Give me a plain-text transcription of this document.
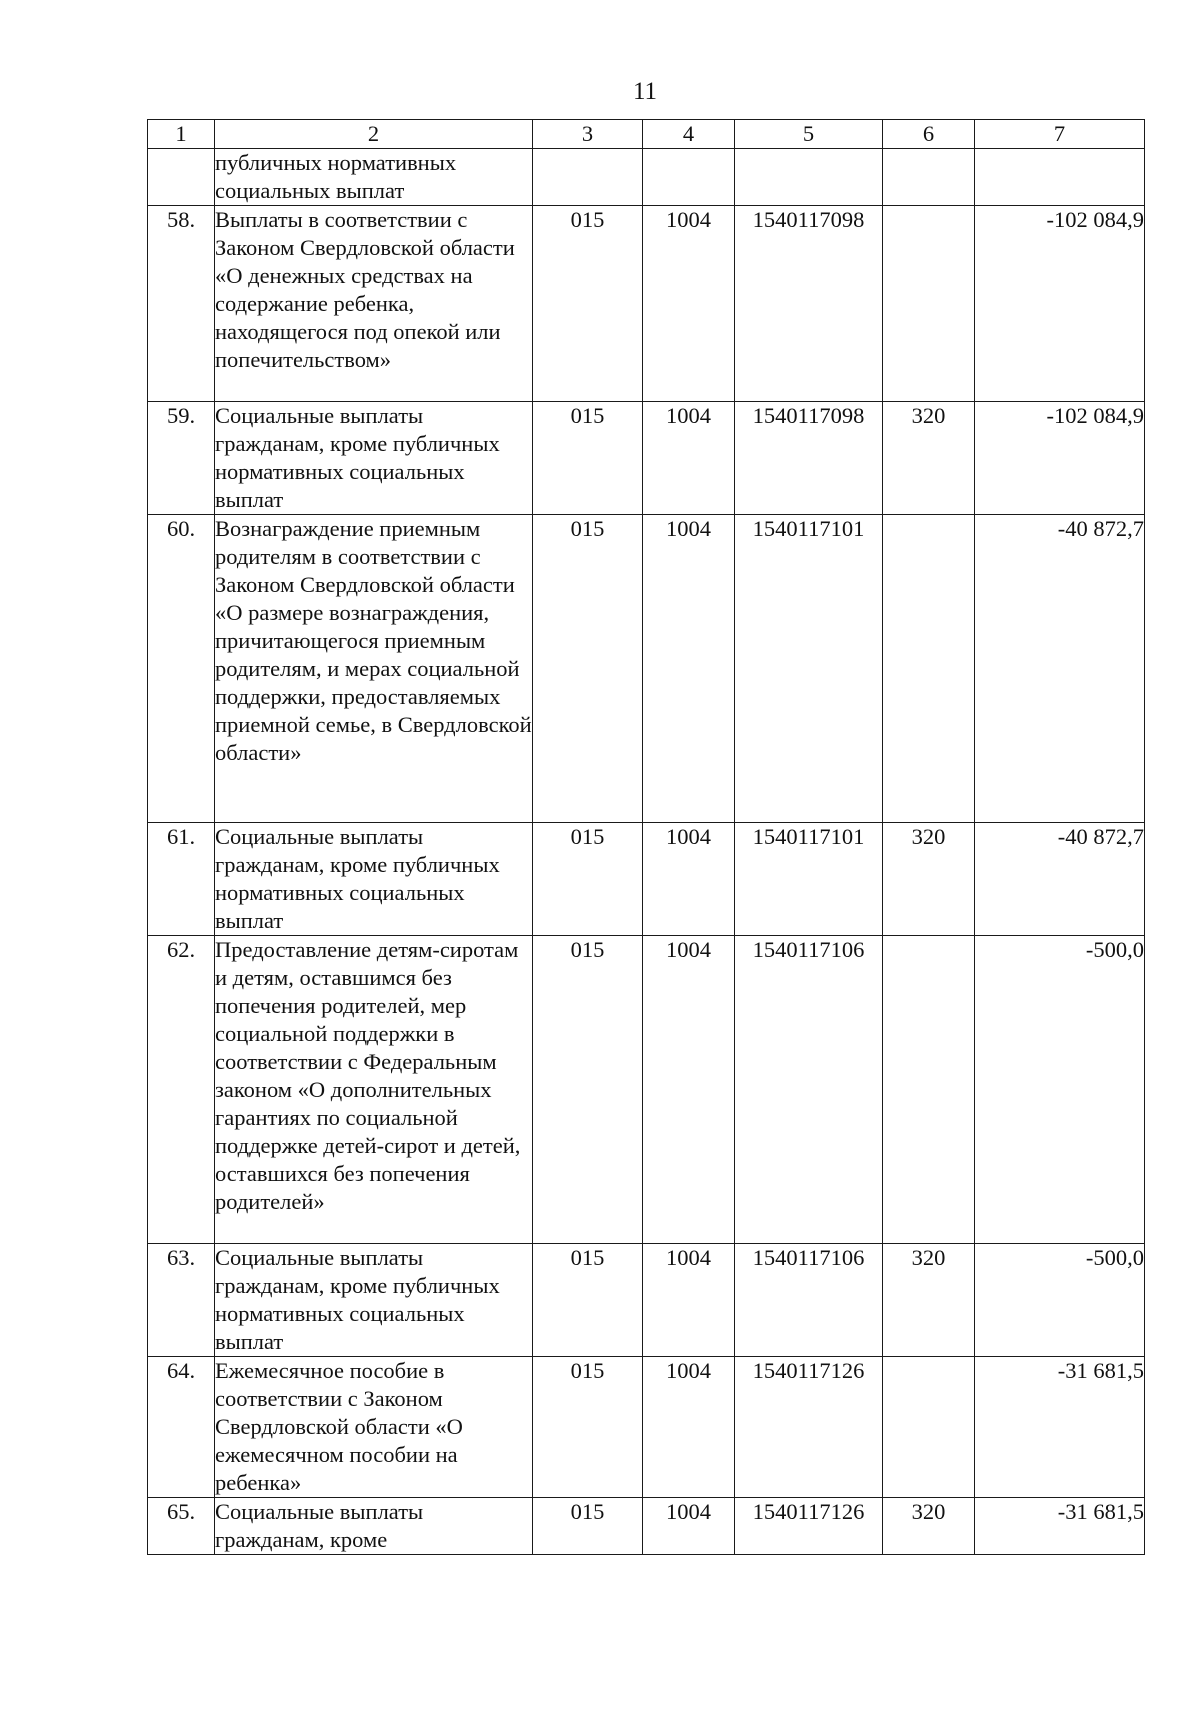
11
1	2	3	4	5	6	7
	публичных нормативных социальных выплат					
58.	Выплаты в соответствии с Законом Свердловской области «О денежных средствах на содержание ребенка, находящегося под опекой или попечительством»	015	1004	1540117098		-102 084,9
59.	Социальные выплаты гражданам, кроме публичных нормативных социальных выплат	015	1004	1540117098	320	-102 084,9
60.	Вознаграждение приемным родителям в соответствии с Законом Свердловской области «О размере вознаграждения, причитающегося приемным родителям, и мерах социальной поддержки, предоставляемых приемной семье, в Свердловской области»	015	1004	1540117101		-40 872,7
61.	Социальные выплаты гражданам, кроме публичных нормативных социальных выплат	015	1004	1540117101	320	-40 872,7
62.	Предоставление детям-сиротам и детям, оставшимся без попечения родителей, мер социальной поддержки в соответствии с Федеральным законом «О дополнительных гарантиях по социальной поддержке детей-сирот и детей, оставшихся без попечения родителей»	015	1004	1540117106		-500,0
63.	Социальные выплаты гражданам, кроме публичных нормативных социальных выплат	015	1004	1540117106	320	-500,0
64.	Ежемесячное пособие в соответствии с Законом Свердловской области «О ежемесячном пособии на ребенка»	015	1004	1540117126		-31 681,5
65.	Социальные выплаты гражданам, кроме	015	1004	1540117126	320	-31 681,5
